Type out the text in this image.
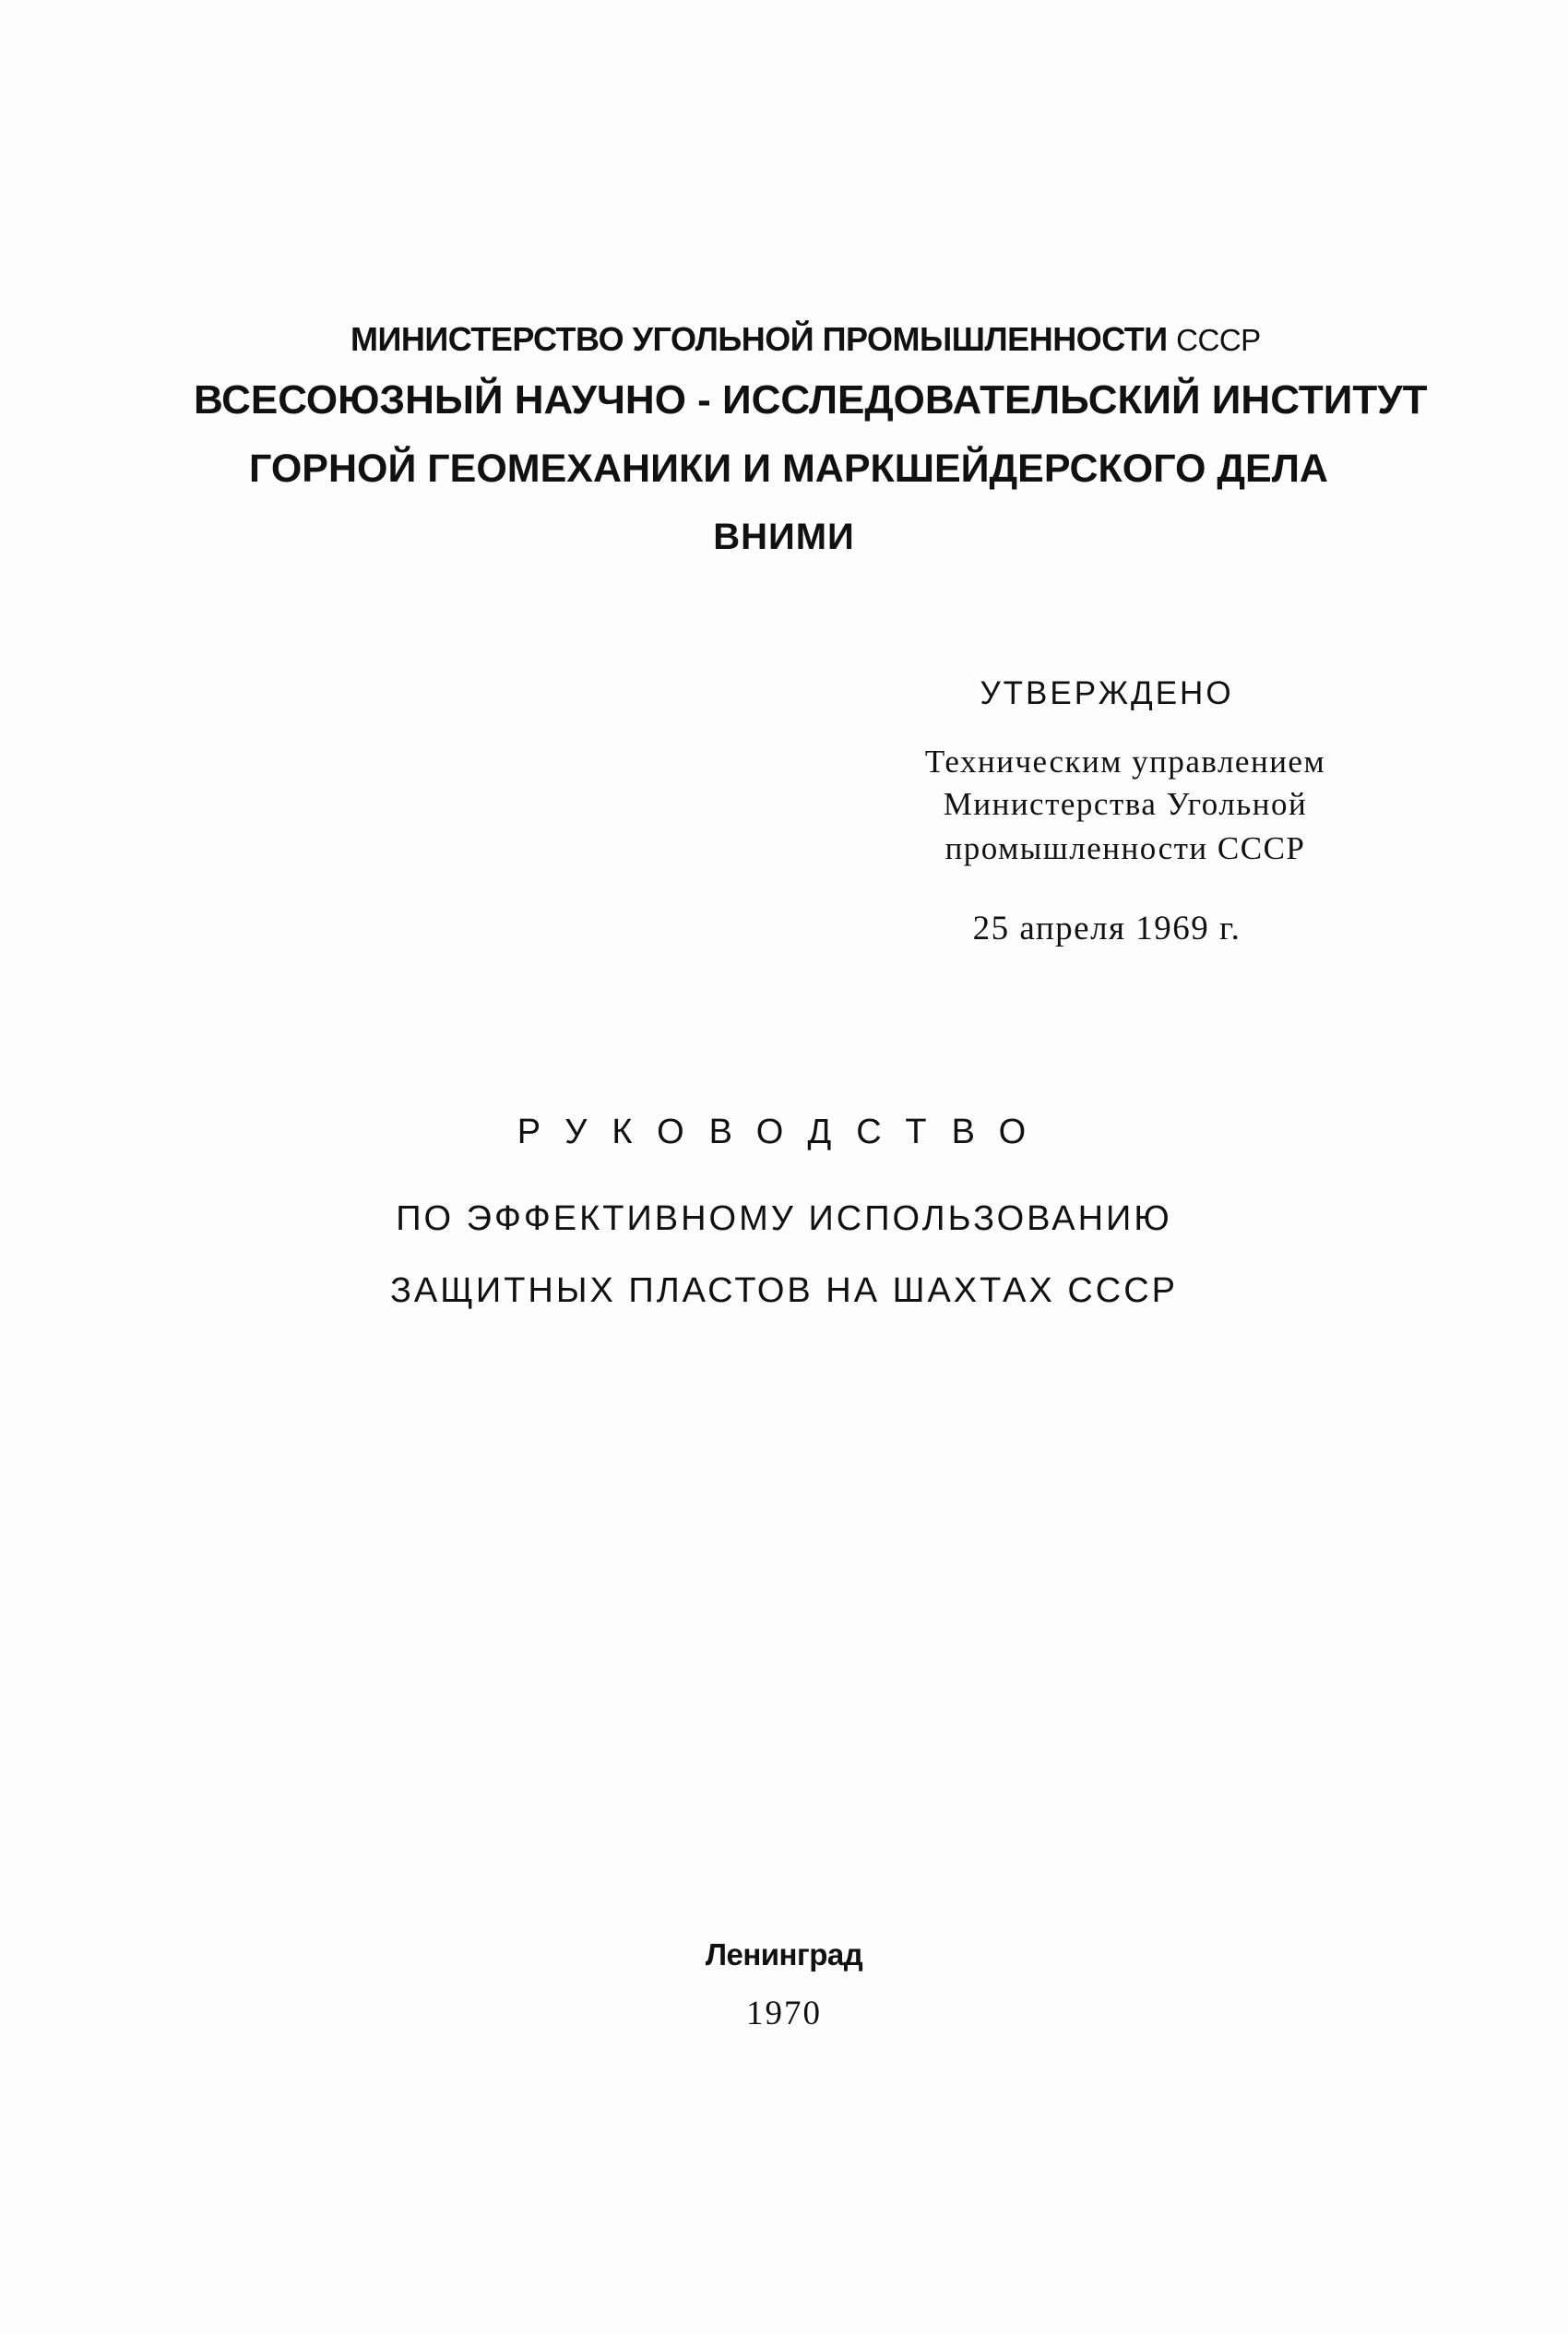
МИНИСТЕРСТВО УГОЛЬНОЙ ПРОМЫШЛЕННОСТИ СССР
ВСЕСОЮЗНЫЙ НАУЧНО - ИССЛЕДОВАТЕЛЬСКИЙ ИНСТИТУТ
ГОРНОЙ ГЕОМЕХАНИКИ И МАРКШЕЙДЕРСКОГО ДЕЛА
ВНИМИ
УТВЕРЖДЕНО
Техническим управлением
Министерства Угольной
промышленности СССР
25 апреля 1969 г.
РУКОВОДСТВО
ПО ЭФФЕКТИВНОМУ ИСПОЛЬЗОВАНИЮ
ЗАЩИТНЫХ ПЛАСТОВ НА ШАХТАХ СССР
Ленинград
1970
